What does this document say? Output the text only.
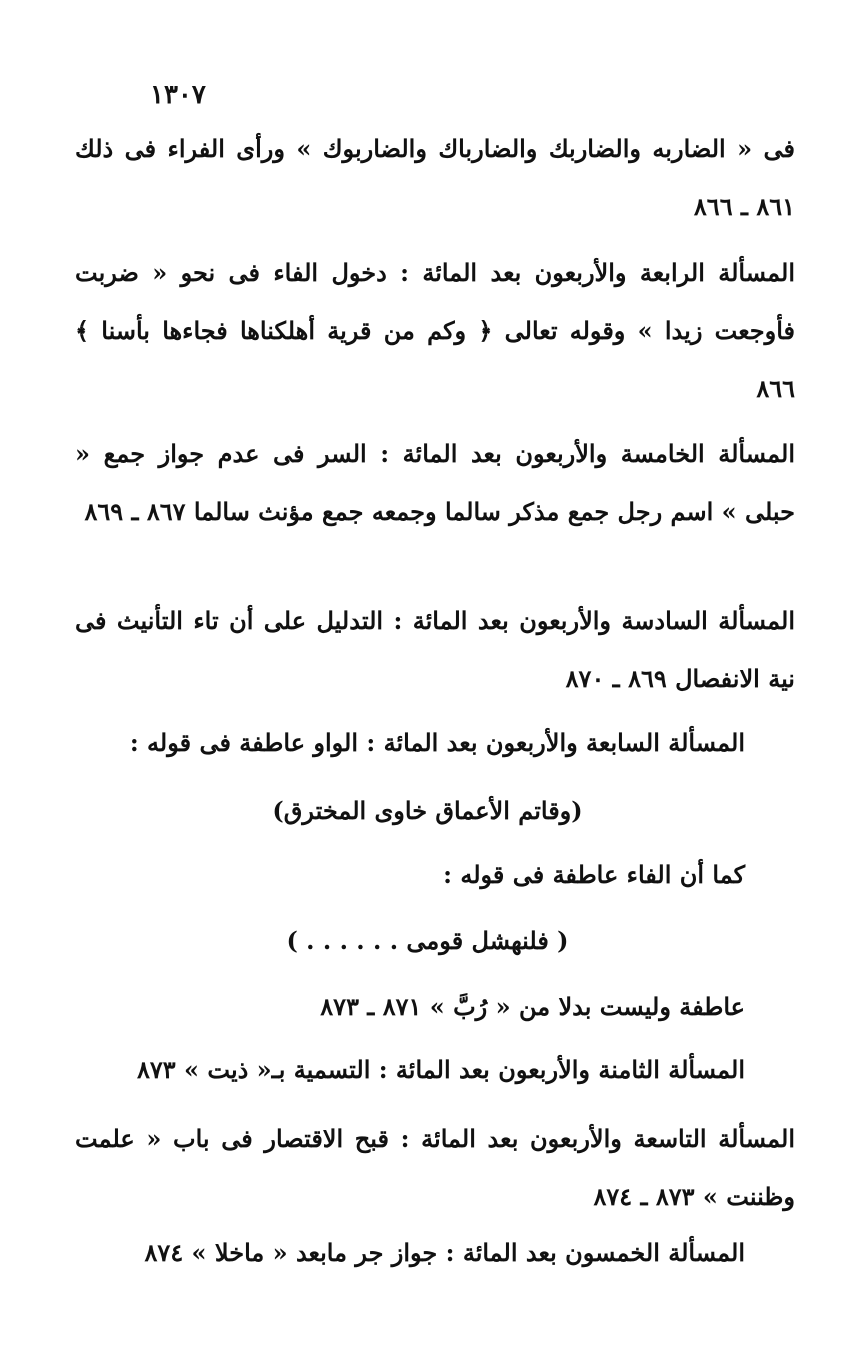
١٣٠٧
فى « الضاربه والضاربك والضارباك والضاربوك » ورأى الفراء فى ذلك ٨٦١ ـ ٨٦٦
المسألة الرابعة والأربعون بعد المائة : دخول الفاء فى نحو « ضربت فأوجعت زيدا » وقوله تعالى ﴿ وكم من قرية أهلكناها فجاءها بأسنا ﴾ ٨٦٦
المسألة الخامسة والأربعون بعد المائة : السر فى عدم جواز جمع « حبلى » اسم رجل جمع مذكر سالما وجمعه جمع مؤنث سالما ٨٦٧ ـ ٨٦٩
المسألة السادسة والأربعون بعد المائة : التدليل على أن تاء التأنيث فى نية الانفصال ٨٦٩ ـ ٨٧٠
المسألة السابعة والأربعون بعد المائة : الواو عاطفة فى قوله :
(وقاتم الأعماق خاوى المخترق)
كما أن الفاء عاطفة فى قوله :
( فلنهشل قومى . . . . . . )
عاطفة وليست بدلا من « رُبَّ » ٨٧١ ـ ٨٧٣
المسألة الثامنة والأربعون بعد المائة : التسمية بـ« ذيت » ٨٧٣
المسألة التاسعة والأربعون بعد المائة : قبح الاقتصار فى باب « علمت وظننت » ٨٧٣ ـ ٨٧٤
المسألة الخمسون بعد المائة : جواز جر مابعد « ماخلا » ٨٧٤
